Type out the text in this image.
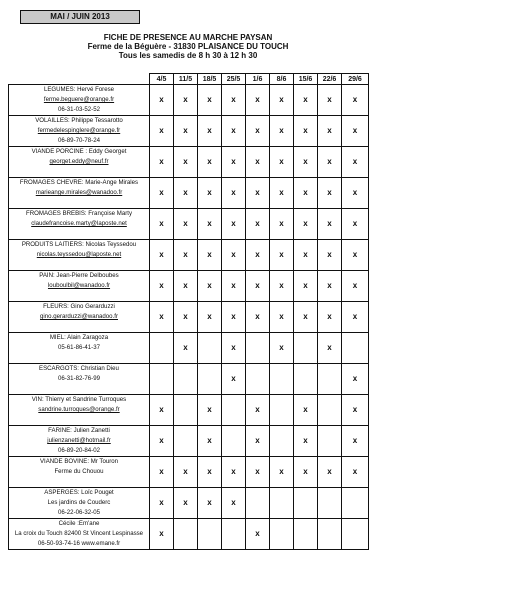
MAI / JUIN 2013
FICHE DE PRESENCE AU MARCHE PAYSAN
Ferme de la Béguère - 31830 PLAISANCE DU TOUCH
Tous les samedis de 8 h 30 à 12 h 30
	4/5	11/5	18/5	25/5	1/6	8/6	15/6	22/6	29/6

LEGUMES: Hervé Forese
ferme.beguere@orange.fr
06-31-03-52-52	x	x	x	x	x	x	x	x	x

VOLAILLES: Philippe Tessarotto
fermedelespinglere@orange.fr
06-89-70-78-24	x	x	x	x	x	x	x	x	x

VIANDE PORCINE : Eddy Georget
georget.eddy@neuf.fr	x	x	x	x	x	x	x	x	x

FROMAGES CHEVRE: Marie-Ange Mirales
marieange.mirales@wanadoo.fr	x	x	x	x	x	x	x	x	x

FROMAGES BREBIS: Françoise Marty
claudefrancoise.marty@laposte.net	x	x	x	x	x	x	x	x	x

PRODUITS LAITIERS: Nicolas Teyssedou
nicolas.teyssedou@laposte.net	x	x	x	x	x	x	x	x	x

PAIN: Jean-Pierre Delboubes
louboulbil@wanadoo.fr	x	x	x	x	x	x	x	x	x

FLEURS: Gino Gerarduzzi
gino.gerarduzzi@wanadoo.fr	x	x	x	x	x	x	x	x	x

MIEL: Alain Zaragoza
05-61-86-41-37		x		x		x		x	

ESCARGOTS: Christian Dieu
06-31-82-76-99				x					x

VIN: Thierry et Sandrine Turroques
sandrine.turroques@orange.fr	x		x		x		x		x

FARINE: Julien Zanetti
julienzanetti@hotmail.fr
06-89-20-84-02	x		x		x		x		x

VIANDE BOVINE: Mr Touron
Ferme du Chouou	x	x	x	x	x	x	x	x	x

ASPERGES: Loïc Pouget
Les jardins de Couderc
06-22-06-32-05	x	x	x	x					

Cécile :Em'ane
La croix du Touch 82400 St Vincent Lespinasse
06-50-93-74-16 www.emane.fr	x				x				
